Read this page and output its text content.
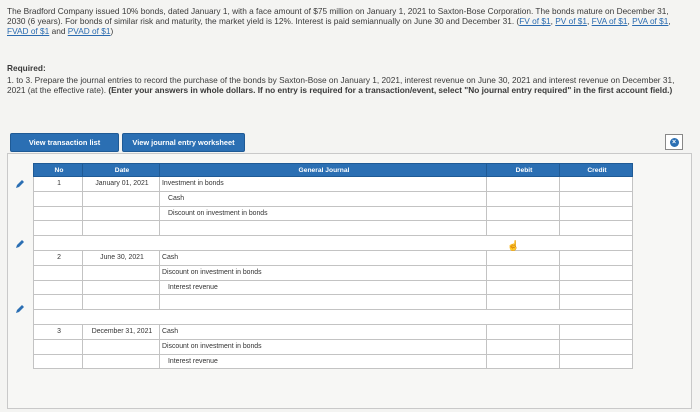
The Bradford Company issued 10% bonds, dated January 1, with a face amount of $75 million on January 1, 2021 to Saxton-Bose Corporation. The bonds mature on December 31, 2030 (6 years). For bonds of similar risk and maturity, the market yield is 12%. Interest is paid semiannually on June 30 and December 31. (FV of $1, PV of $1, FVA of $1, PVA of $1, FVAD of $1 and PVAD of $1)

Required:
1. to 3. Prepare the journal entries to record the purchase of the bonds by Saxton-Bose on January 1, 2021, interest revenue on June 30, 2021 and interest revenue on December 31, 2021 (at the effective rate). (Enter your answers in whole dollars. If no entry is required for a transaction/event, select "No journal entry required" in the first account field.)
View transaction list	View journal entry worksheet	×
No	Date	General Journal	Debit	Credit
1	January 01, 2021	Investment in bonds		
		Cash		
		Discount on investment in bonds		

2	June 30, 2021	Cash		
		Discount on investment in bonds		
		Interest revenue		

3	December 31, 2021	Cash		
		Discount on investment in bonds		
		Interest revenue		
☝
